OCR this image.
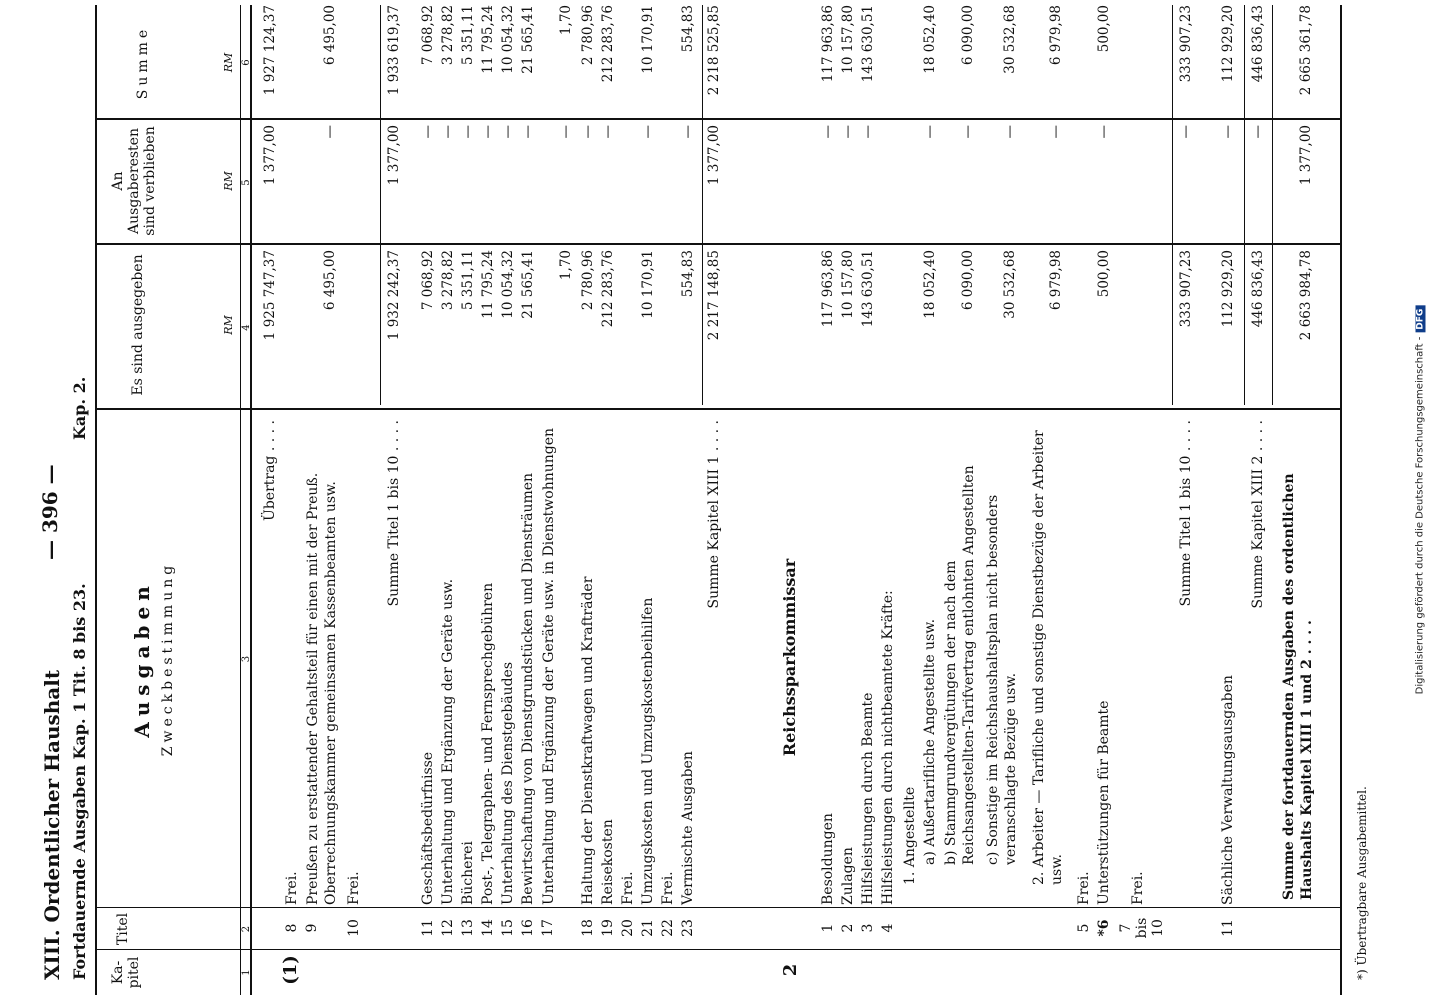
XIII. Ordentlicher Haushalt
— 396 —
Fortdauernde Ausgaben Kap. 1 Tit. 8 bis 23.
Kap. 2.
Ka-pitel
Titel
Ausgaben Zweckbestimmung
Es sind ausgegeben
An Ausgaberesten sind verblieben
Summe
RM
RM
RM
1
2
3
4
5
6
Übertrag . . . .
1 925 747,37
1 377,00
1 927 124,37
(1)
8
Frei.
9
Preußen zu erstattender Gehaltsteil für einen mit der Preuß. Oberrechnungskammer gemeinsamen Kassenbeamten usw.
6 495,00
—
6 495,00
10
Frei.
Summe Titel 1 bis 10 . . . .
1 932 242,37
1 377,00
1 933 619,37
11
Geschäftsbedürfnisse
7 068,92
—
7 068,92
12
Unterhaltung und Ergänzung der Geräte usw.
3 278,82
—
3 278,82
13
Bücherei
5 351,11
—
5 351,11
14
Post-, Telegraphen- und Fernsprechgebühren
11 795,24
—
11 795,24
15
Unterhaltung des Dienstgebäudes
10 054,32
—
10 054,32
16
Bewirtschaftung von Dienstgrundstücken und Diensträumen
21 565,41
—
21 565,41
17
Unterhaltung und Ergänzung der Geräte usw. in Dienstwohnungen
1,70
—
1,70
18
Haltung der Dienstkraftwagen und Krafträder
2 780,96
—
2 780,96
19
Reisekosten
212 283,76
—
212 283,76
20
Frei.
21
Umzugskosten und Umzugskostenbeihilfen
10 170,91
—
10 170,91
22
Frei.
23
Vermischte Ausgaben
554,83
—
554,83
Summe Kapitel XIII 1 . . . .
2 217 148,85
1 377,00
2 218 525,85
2
Reichssparkommissar
1
Besoldungen
117 963,86
—
117 963,86
2
Zulagen
10 157,80
—
10 157,80
3
Hilfsleistungen durch Beamte
143 630,51
—
143 630,51
4
Hilfsleistungen durch nichtbeamtete Kräfte: 1. Angestellte a) Außertarifliche Angestellte usw.
18 052,40
—
18 052,40
b) Stammgrundvergütungen der nach dem Reichsangestellten-Tarifvertrag entlohnten Angestellten
6 090,00
—
6 090,00
c) Sonstige im Reichshaushaltsplan nicht besonders veranschlagte Bezüge usw.
30 532,68
—
30 532,68
2. Arbeiter — Tarifliche und sonstige Dienstbezüge der Arbeiter usw.
6 979,98
—
6 979,98
5
Frei.
*6
Unterstützungen für Beamte
500,00
—
500,00
7 bis 10
Frei.
Summe Titel 1 bis 10 . . . .
333 907,23
—
333 907,23
11
Sächliche Verwaltungsausgaben
112 929,20
—
112 929,20
Summe Kapitel XIII 2 . . . .
446 836,43
—
446 836,43
Summe der fortdauernden Ausgaben des ordentlichen Haushalts Kapitel XIII 1 und 2 . . . .
2 663 984,78
1 377,00
2 665 361,78
*) Übertragbare Ausgabemittel.
Digitalisierung gefördert durch die Deutsche Forschungsgemeinschaft -DFG
